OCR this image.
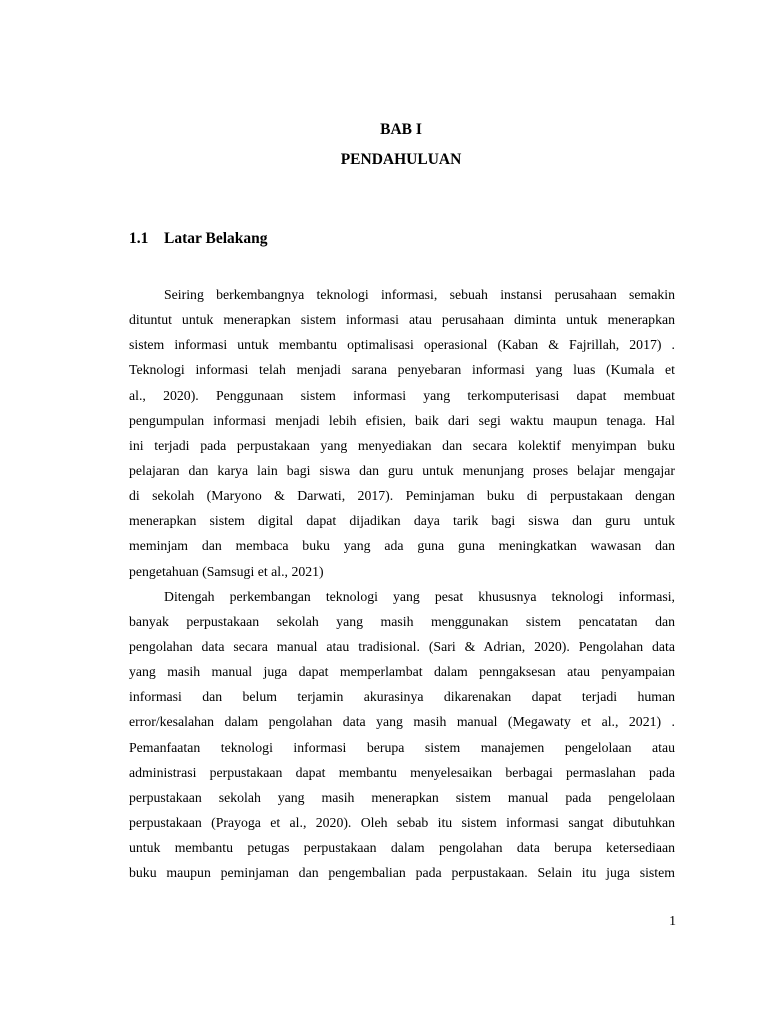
BAB I
PENDAHULUAN
1.1 Latar Belakang
Seiring berkembangnya teknologi informasi, sebuah instansi perusahaan semakin
dituntut untuk menerapkan sistem informasi atau perusahaan diminta untuk menerapkan
sistem informasi untuk membantu optimalisasi operasional (Kaban & Fajrillah, 2017) .
Teknologi informasi telah menjadi sarana penyebaran informasi yang luas (Kumala et
al., 2020). Penggunaan sistem informasi yang terkomputerisasi dapat membuat
pengumpulan informasi menjadi lebih efisien, baik dari segi waktu maupun tenaga. Hal
ini terjadi pada perpustakaan yang menyediakan dan secara kolektif menyimpan buku
pelajaran dan karya lain bagi siswa dan guru untuk menunjang proses belajar mengajar
di sekolah (Maryono & Darwati, 2017). Peminjaman buku di perpustakaan dengan
menerapkan sistem digital dapat dijadikan daya tarik bagi siswa dan guru untuk
meminjam dan membaca buku yang ada guna guna meningkatkan wawasan dan
pengetahuan (Samsugi et al., 2021)
Ditengah perkembangan teknologi yang pesat khususnya teknologi informasi,
banyak perpustakaan sekolah yang masih menggunakan sistem pencatatan dan
pengolahan data secara manual atau tradisional. (Sari & Adrian, 2020). Pengolahan data
yang masih manual juga dapat memperlambat dalam penngaksesan atau penyampaian
informasi dan belum terjamin akurasinya dikarenakan dapat terjadi human
error/kesalahan dalam pengolahan data yang masih manual (Megawaty et al., 2021) .
Pemanfaatan teknologi informasi berupa sistem manajemen pengelolaan atau
administrasi perpustakaan dapat membantu menyelesaikan berbagai permaslahan pada
perpustakaan sekolah yang masih menerapkan sistem manual pada pengelolaan
perpustakaan (Prayoga et al., 2020). Oleh sebab itu sistem informasi sangat dibutuhkan
untuk membantu petugas perpustakaan dalam pengolahan data berupa ketersediaan
buku maupun peminjaman dan pengembalian pada perpustakaan. Selain itu juga sistem
1
